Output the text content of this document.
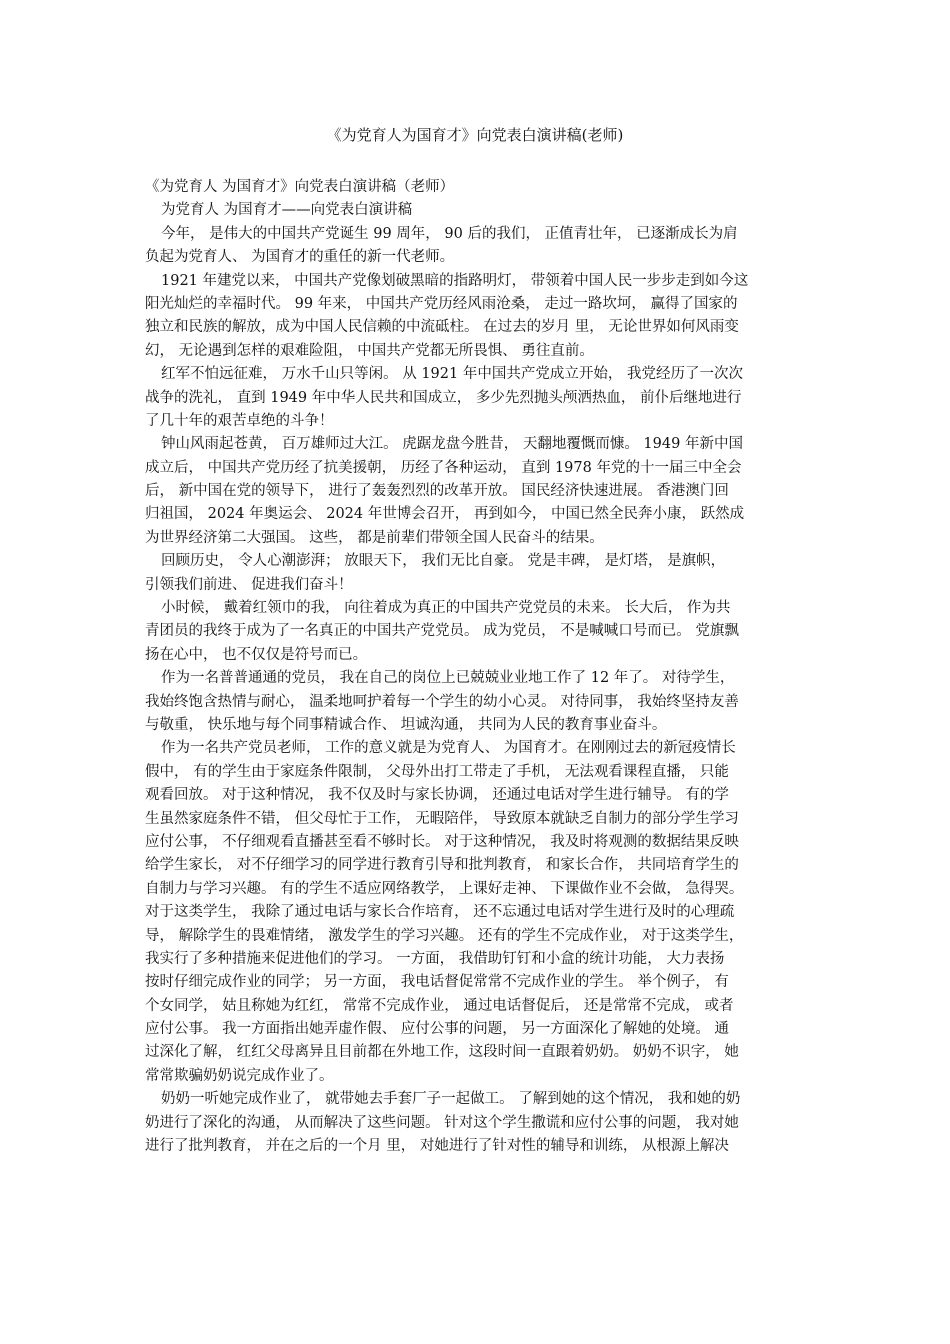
《为党育人为国育才》向党表白演讲稿(老师)
《为党育人 为国育才》向党表白演讲稿（老师）
为党育人 为国育才——向党表白演讲稿
今年， 是伟大的中国共产党诞生 99 周年， 90 后的我们， 正值青壮年， 已逐渐成长为肩
负起为党育人、 为国育才的重任的新一代老师。
1921 年建党以来， 中国共产党像划破黑暗的指路明灯， 带领着中国人民一步步走到如今这
阳光灿烂的幸福时代。 99 年来， 中国共产党历经风雨沧桑， 走过一路坎坷， 赢得了国家的
独立和民族的解放，成为中国人民信赖的中流砥柱。 在过去的岁月 里， 无论世界如何风雨变
幻， 无论遇到怎样的艰难险阻， 中国共产党都无所畏惧、 勇往直前。
红军不怕远征难， 万水千山只等闲。 从 1921 年中国共产党成立开始， 我党经历了一次次
战争的洗礼， 直到 1949 年中华人民共和国成立， 多少先烈抛头颅洒热血， 前仆后继地进行
了几十年的艰苦卓绝的斗争！
钟山风雨起苍黄， 百万雄师过大江。 虎踞龙盘今胜昔， 天翻地覆慨而慷。 1949 年新中国
成立后， 中国共产党历经了抗美援朝， 历经了各种运动， 直到 1978 年党的十一届三中全会
后， 新中国在党的领导下， 进行了轰轰烈烈的改革开放。 国民经济快速进展。 香港澳门回
归祖国， 2024 年奥运会、 2024 年世博会召开， 再到如今， 中国已然全民奔小康， 跃然成
为世界经济第二大强国。 这些， 都是前辈们带领全国人民奋斗的结果。
回顾历史， 令人心潮澎湃； 放眼天下， 我们无比自豪。 党是丰碑， 是灯塔， 是旗帜，
引领我们前进、 促进我们奋斗！
小时候， 戴着红领巾的我， 向往着成为真正的中国共产党党员的未来。 长大后， 作为共
青团员的我终于成为了一名真正的中国共产党党员。 成为党员， 不是喊喊口号而已。 党旗飘
扬在心中， 也不仅仅是符号而已。
作为一名普普通通的党员， 我在自己的岗位上已兢兢业业地工作了 12 年了。 对待学生，
我始终饱含热情与耐心， 温柔地呵护着每一个学生的幼小心灵。 对待同事， 我始终坚持友善
与敬重， 快乐地与每个同事精诚合作、 坦诚沟通， 共同为人民的教育事业奋斗。
作为一名共产党员老师， 工作的意义就是为党育人、 为国育才。在刚刚过去的新冠疫情长
假中， 有的学生由于家庭条件限制， 父母外出打工带走了手机， 无法观看课程直播， 只能
观看回放。 对于这种情况， 我不仅及时与家长协调， 还通过电话对学生进行辅导。 有的学
生虽然家庭条件不错， 但父母忙于工作， 无暇陪伴， 导致原本就缺乏自制力的部分学生学习
应付公事， 不仔细观看直播甚至看不够时长。 对于这种情况， 我及时将观测的数据结果反映
给学生家长， 对不仔细学习的同学进行教育引导和批判教育， 和家长合作， 共同培育学生的
自制力与学习兴趣。 有的学生不适应网络教学， 上课好走神、 下课做作业不会做， 急得哭。
对于这类学生， 我除了通过电话与家长合作培育， 还不忘通过电话对学生进行及时的心理疏
导， 解除学生的畏难情绪， 激发学生的学习兴趣。 还有的学生不完成作业， 对于这类学生，
我实行了多种措施来促进他们的学习。 一方面， 我借助钉钉和小盒的统计功能， 大力表扬
按时仔细完成作业的同学； 另一方面， 我电话督促常常不完成作业的学生。 举个例子， 有
个女同学， 姑且称她为红红， 常常不完成作业， 通过电话督促后， 还是常常不完成， 或者
应付公事。 我一方面指出她弄虚作假、 应付公事的问题， 另一方面深化了解她的处境。 通
过深化了解， 红红父母离异且目前都在外地工作，这段时间一直跟着奶奶。 奶奶不识字， 她
常常欺骗奶奶说完成作业了。
奶奶一听她完成作业了， 就带她去手套厂子一起做工。 了解到她的这个情况， 我和她的奶
奶进行了深化的沟通， 从而解决了这些问题。 针对这个学生撒谎和应付公事的问题， 我对她
进行了批判教育， 并在之后的一个月 里， 对她进行了针对性的辅导和训练， 从根源上解决
